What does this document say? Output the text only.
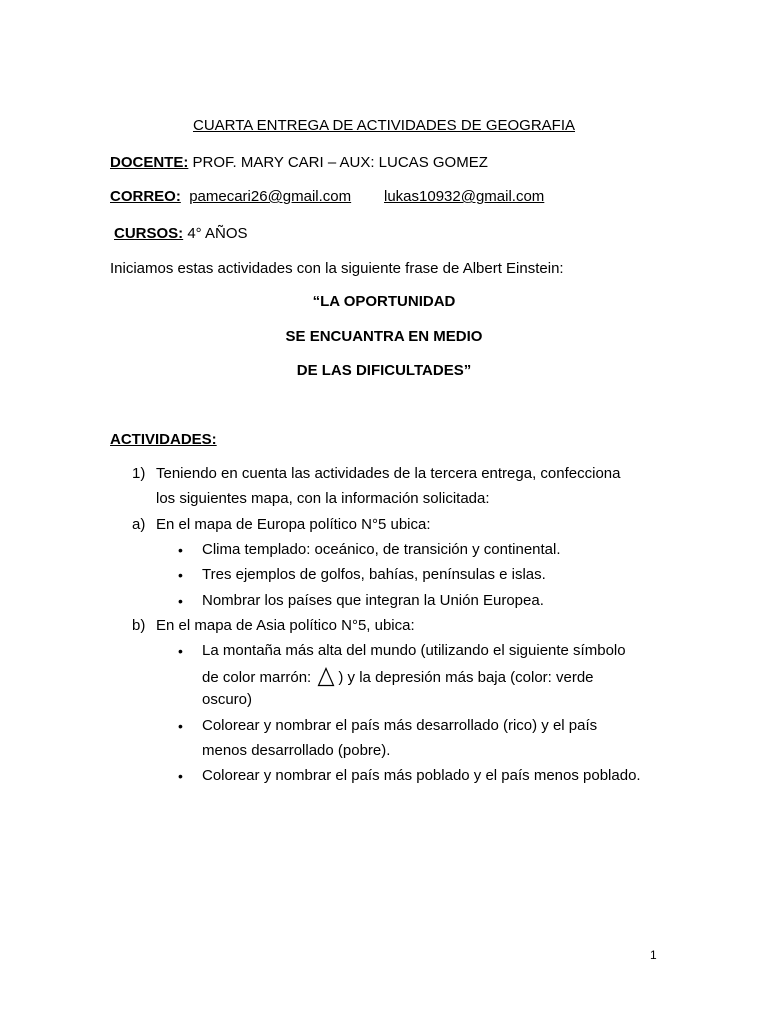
CUARTA ENTREGA DE ACTIVIDADES DE GEOGRAFIA
DOCENTE: PROF. MARY CARI – AUX: LUCAS GOMEZ
CORREO: pamecari26@gmail.com lukas10932@gmail.com
CURSOS: 4° AÑOS
Iniciamos estas actividades con la siguiente frase de Albert Einstein:
“LA OPORTUNIDAD
SE ENCUANTRA EN MEDIO
DE LAS DIFICULTADES”
ACTIVIDADES:
1) Teniendo en cuenta las actividades de la tercera entrega, confecciona
los siguientes mapa, con la información solicitada:
a) En el mapa de Europa político N°5 ubica:
• Clima templado: oceánico, de transición y continental.
• Tres ejemplos de golfos, bahías, penínsulas e islas.
• Nombrar los países que integran la Unión Europea.
b) En el mapa de Asia político N°5, ubica:
• La montaña más alta del mundo (utilizando el siguiente símbolo
de color marrón: ) y la depresión más baja (color: verde
oscuro)
• Colorear y nombrar el país más desarrollado (rico) y el país
menos desarrollado (pobre).
• Colorear y nombrar el país más poblado y el país menos poblado.
1
